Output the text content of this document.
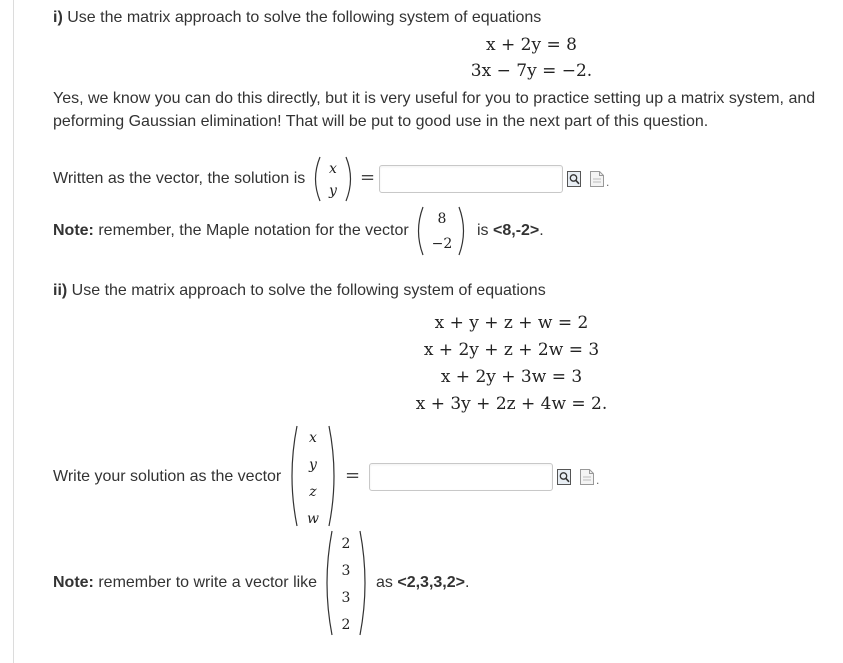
i) Use the matrix approach to solve the following system of equations
x + 2y = 8
3x − 7y = −2.
Yes, we know you can do this directly, but it is very useful for you to practice setting up a matrix system, and
peforming Gaussian elimination! That will be put to good use in the next part of this question.
Written as the vector, the solution is
x
y
=	.
Note: remember, the Maple notation for the vector
8
−2
is <8,-2>.
ii) Use the matrix approach to solve the following system of equations
x + y + z + w = 2
x + 2y + z + 2w = 3
x + 2y + 3w = 3
x + 3y + 2z + 4w = 2.
Write your solution as the vector
x
y
z
w
=	.
Note: remember to write a vector like
2
3
3
2
as <2,3,3,2>.
